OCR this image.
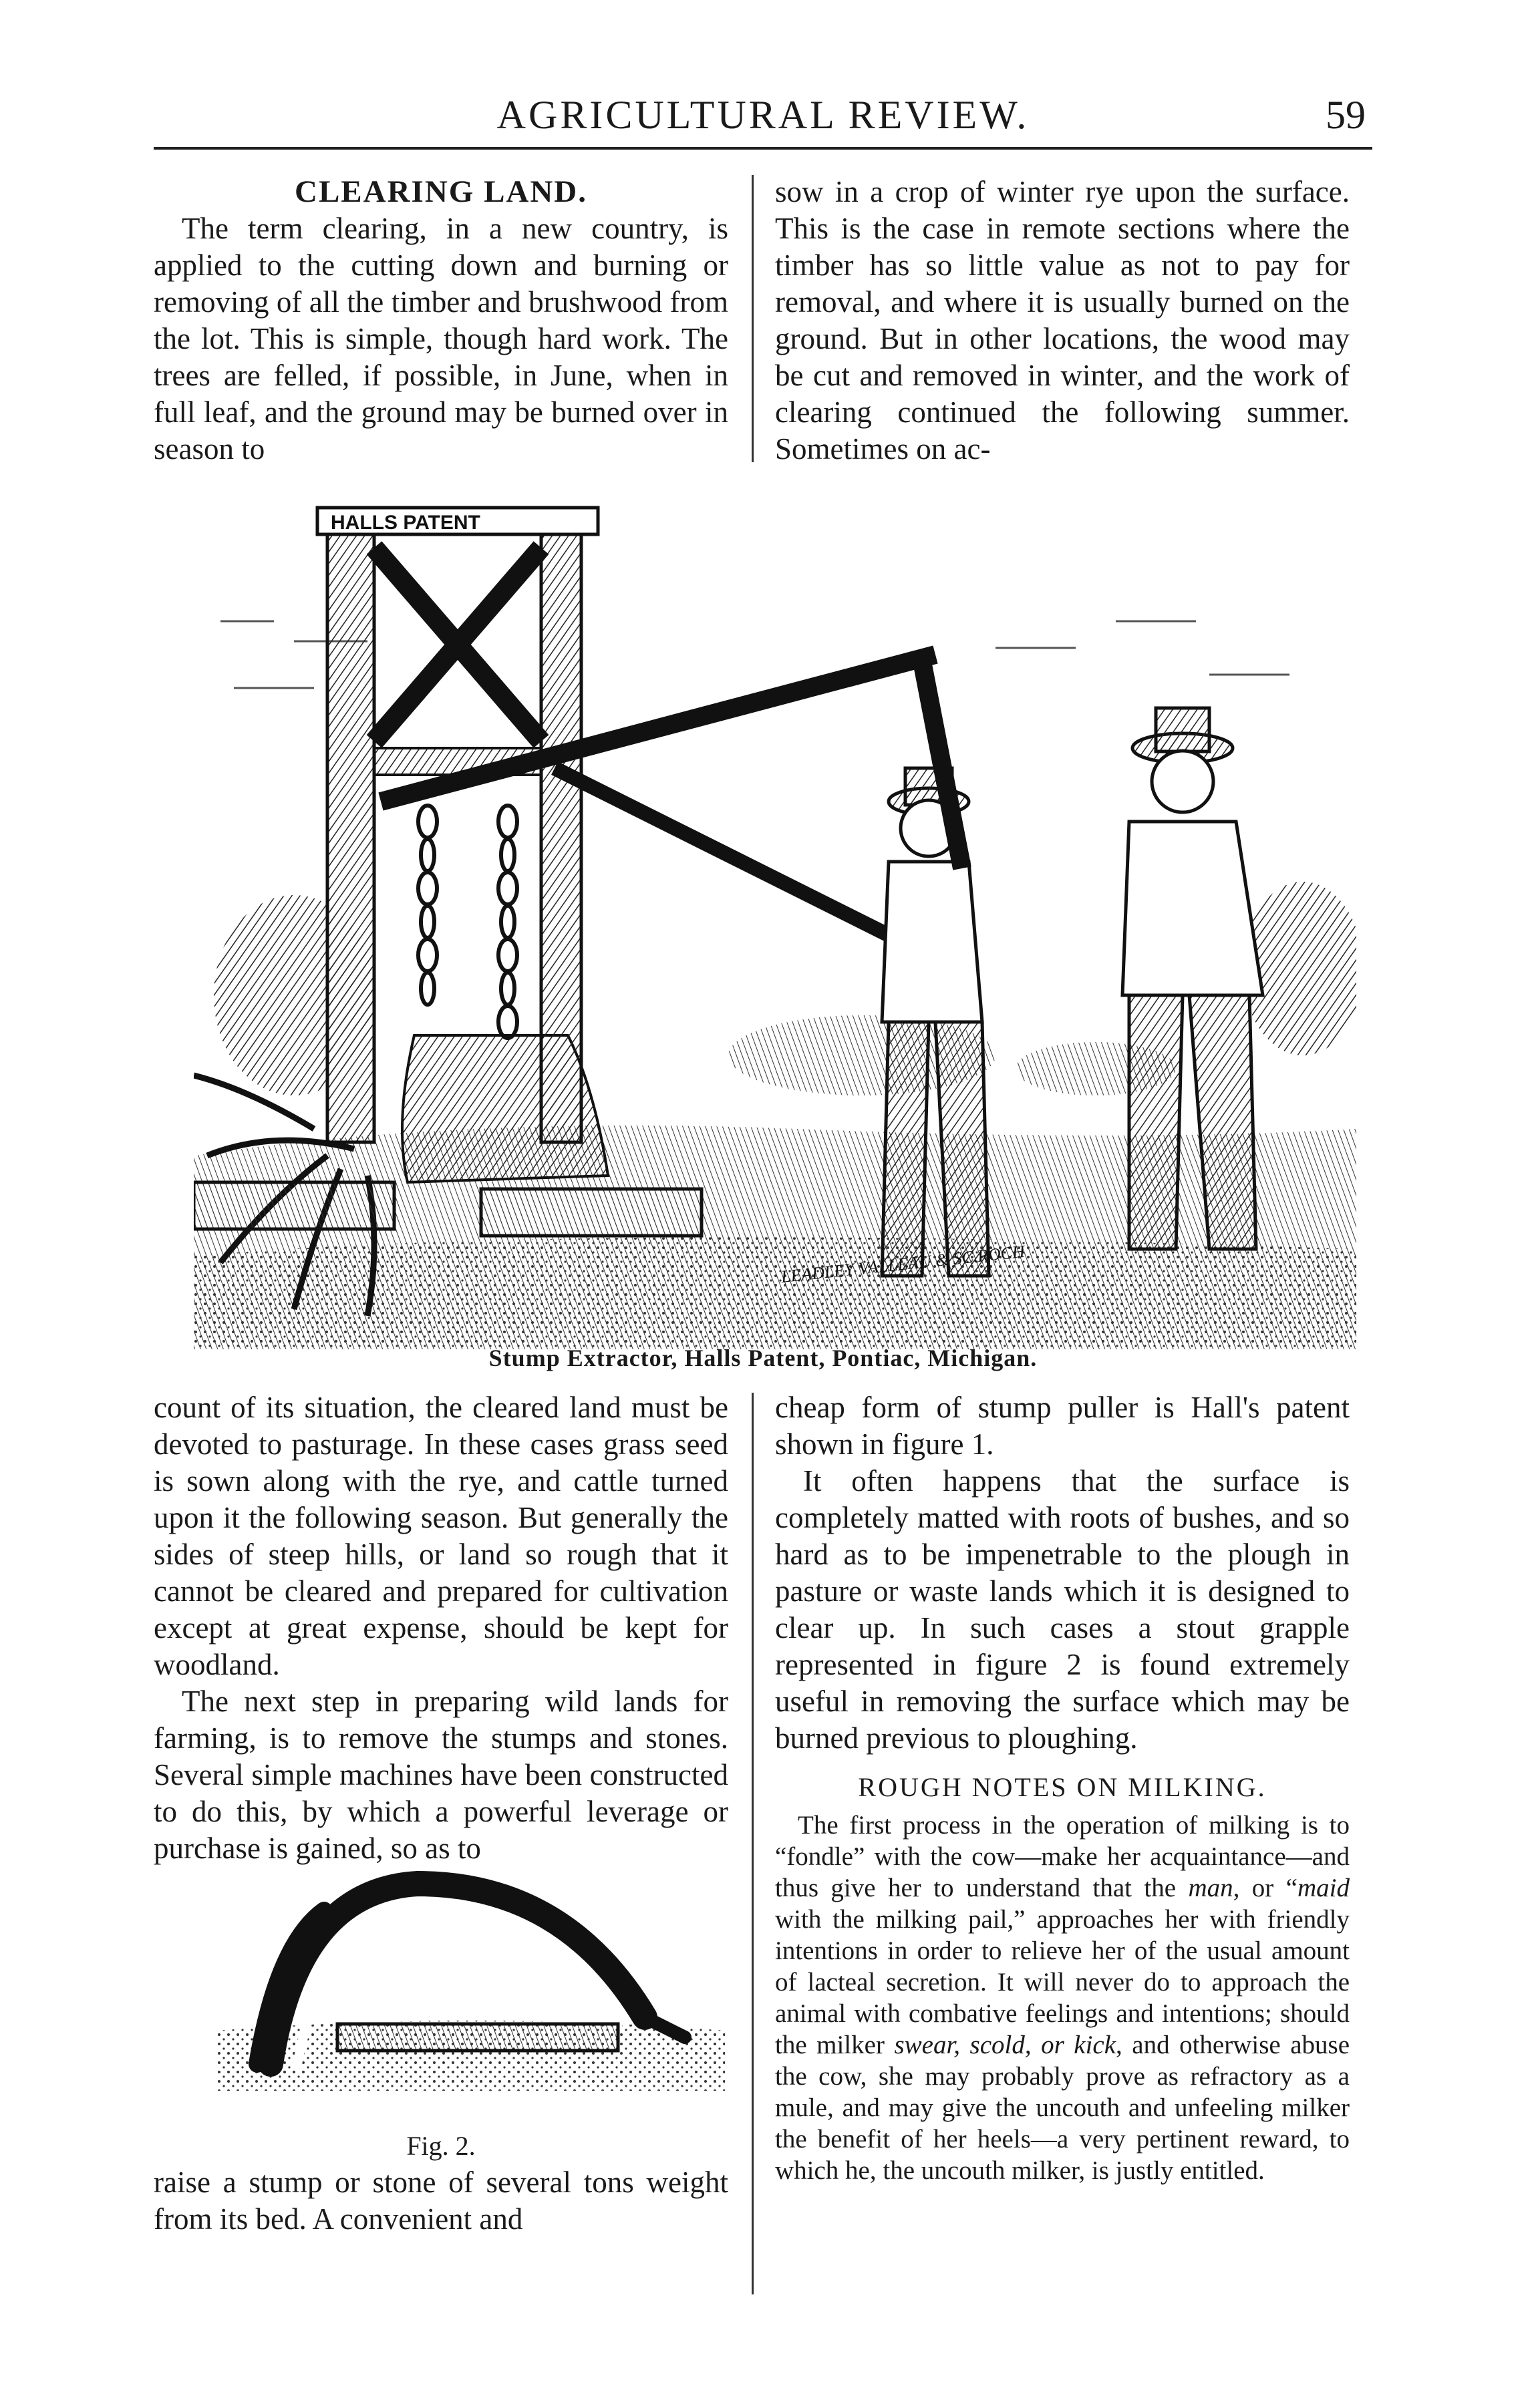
AGRICULTURAL REVIEW.	59

CLEARING LAND.

The term clearing, in a new country, is applied to the cutting down and burning or removing of all the timber and brushwood from the lot. This is simple, though hard work. The trees are felled, if possible, in June, when in full leaf, and the ground may be burned over in season to

sow in a crop of winter rye upon the surface. This is the case in remote sections where the timber has so little value as not to pay for removal, and where it is usually burned on the ground. But in other locations, the wood may be cut and removed in winter, and the work of clearing continued the following summer. Sometimes on ac-

HALLS PATENT
LEADLEY VALLEAU & SC.ROCH
Stump Extractor, Halls Patent, Pontiac, Michigan.

count of its situation, the cleared land must be devoted to pasturage. In these cases grass seed is sown along with the rye, and cattle turned upon it the following season. But generally the sides of steep hills, or land so rough that it cannot be cleared and prepared for cultivation except at great expense, should be kept for woodland.

The next step in preparing wild lands for farming, is to remove the stumps and stones. Several simple machines have been constructed to do this, by which a powerful leverage or purchase is gained, so as to

Fig. 2.

raise a stump or stone of several tons weight from its bed. A convenient and

cheap form of stump puller is Hall's patent shown in figure 1.

It often happens that the surface is completely matted with roots of bushes, and so hard as to be impenetrable to the plough in pasture or waste lands which it is designed to clear up. In such cases a stout grapple represented in figure 2 is found extremely useful in removing the surface which may be burned previous to ploughing.

ROUGH NOTES ON MILKING.

The first process in the operation of milking is to “fondle” with the cow—make her acquaintance—and thus give her to understand that the man, or “maid with the milking pail,” approaches her with friendly intentions in order to relieve her of the usual amount of lacteal secretion. It will never do to approach the animal with combative feelings and intentions; should the milker swear, scold, or kick, and otherwise abuse the cow, she may probably prove as refractory as a mule, and may give the uncouth and unfeeling milker the benefit of her heels—a very pertinent reward, to which he, the uncouth milker, is justly entitled.
